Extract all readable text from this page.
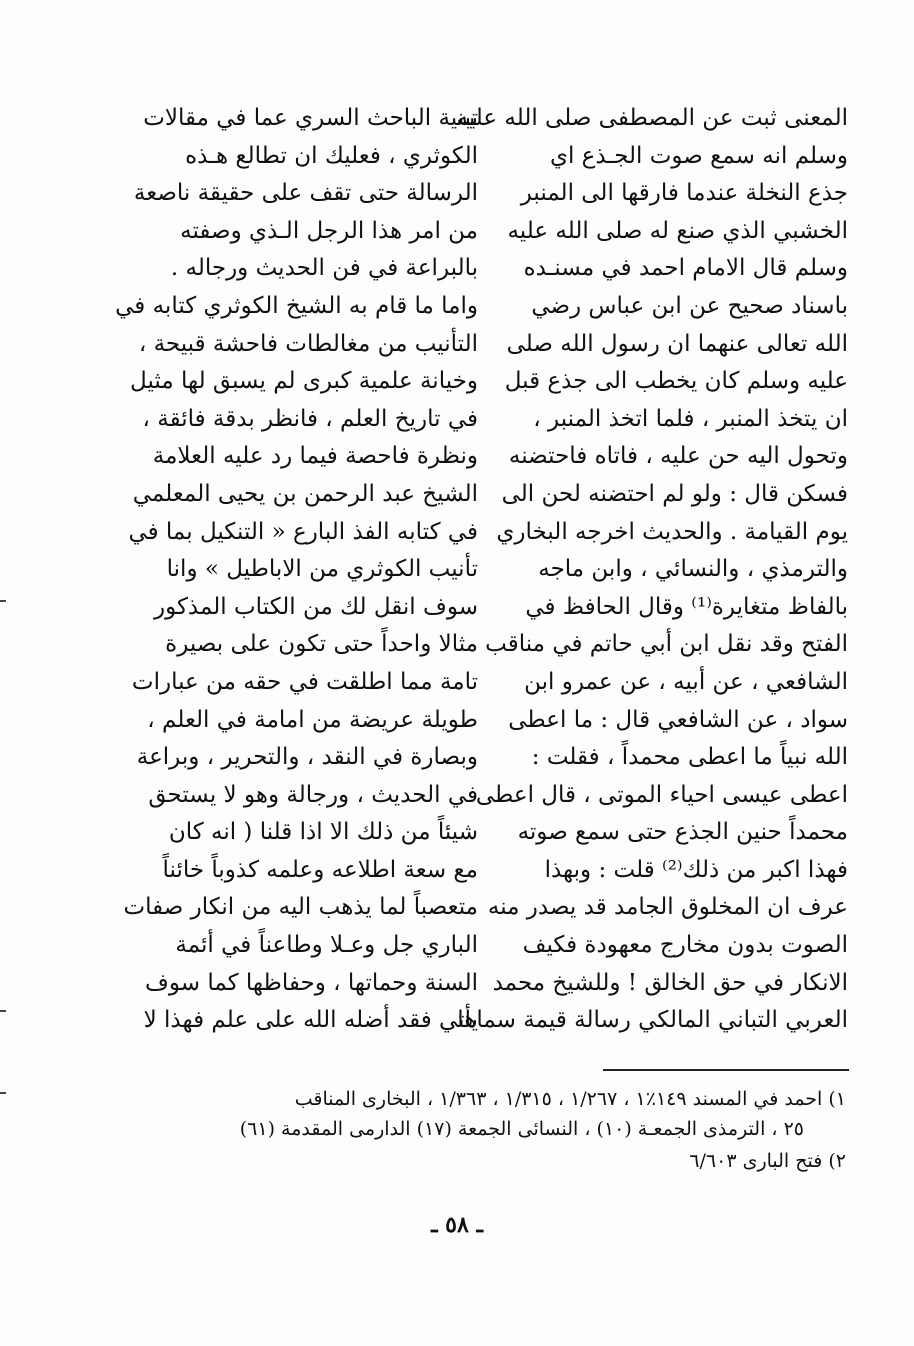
المعنى ثبت عن المصطفى صلى الله عليه
وسلم انه سمع صوت الجـذع اي
جذع النخلة عندما فارقها الى المنبر
الخشبي الذي صنع له صلى الله عليه
وسلم قال الامام احمد في مسنـده
باسناد صحيح عن ابن عباس رضي
الله تعالى عنهما ان رسول الله صلى
عليه وسلم كان يخطب الى جذع قبل
ان يتخذ المنبر ، فلما اتخذ المنبر ،
وتحول اليه حن عليه ، فاتاه فاحتضنه
فسكن قال : ولو لم احتضنه لحن الى
يوم القيامة . والحديث اخرجه البخاري
والترمذي ، والنسائي ، وابن ماجه
بالفاظ متغايرة⁽¹⁾ وقال الحافظ في
الفتح وقد نقل ابن أبي حاتم في مناقب
الشافعي ، عن أبيه ، عن عمرو ابن
سواد ، عن الشافعي قال : ما اعطى
الله نبياً ما اعطى محمداً ، فقلت :
اعطى عيسى احياء الموتى ، قال اعطى
محمداً حنين الجذع حتى سمع صوته
فهذا اكبر من ذلك⁽²⁾ قلت : وبهذا
عرف ان المخلوق الجامد قد يصدر منه
الصوت بدون مخارج معهودة فكيف
الانكار في حق الخالق ! وللشيخ محمد
العربي التباني المالكي رسالة قيمة سماها
تبنية الباحث السري عما في مقالات
الكوثري ، فعليك ان تطالع هـذه
الرسالة حتى تقف على حقيقة ناصعة
من امر هذا الرجل الـذي وصفته
بالبراعة في فن الحديث ورجاله .
واما ما قام به الشيخ الكوثري كتابه في
التأنيب من مغالطات فاحشة قبيحة ،
وخيانة علمية كبرى لم يسبق لها مثيل
في تاريخ العلم ، فانظر بدقة فائقة ،
ونظرة فاحصة فيما رد عليه العلامة
الشيخ عبد الرحمن بن يحيى المعلمي
في كتابه الفذ البارع « التنكيل بما في
تأنيب الكوثري من الاباطيل » وانا
سوف انقل لك من الكتاب المذكور
مثالا واحداً حتى تكون على بصيرة
تامة مما اطلقت في حقه من عبارات
طويلة عريضة من امامة في العلم ،
وبصارة في النقد ، والتحرير ، وبراعة
في الحديث ، ورجالة وهو لا يستحق
شيئاً من ذلك الا اذا قلنا ( انه كان
مع سعة اطلاعه وعلمه كذوباً خائناً
متعصباً لما يذهب اليه من انكار صفات
الباري جل وعـلا وطاعناً في أئمة
السنة وحماتها ، وحفاظها كما سوف
يأتي فقد أضله الله على علم فهذا لا
١) احمد في المسند ١٤٩٪١ ، ١/٢٦٧ ، ١/٣١٥ ، ١/٣٦٣ ، البخارى المناقب
٢٥ ، الترمذى الجمعـة (١٠) ، النسائى الجمعة (١٧) الدارمى المقدمة (٦١)
٢) فتح البارى ٦/٦٠٣
ـ ٥٨ ـ
